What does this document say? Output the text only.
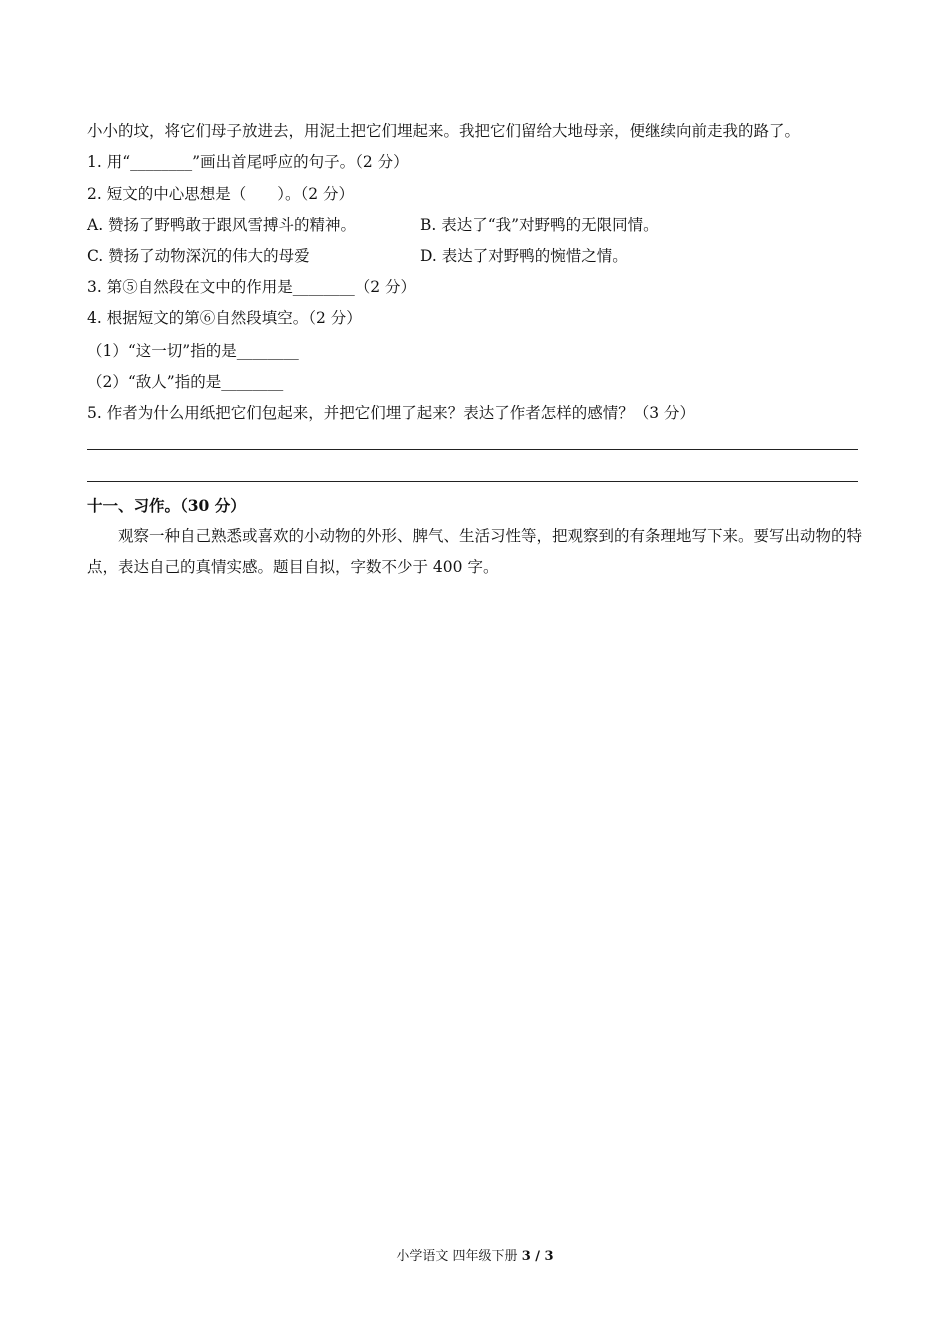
小小的坟，将它们母子放进去，用泥土把它们埋起来。我把它们留给大地母亲，便继续向前走我的路了。
1. 用“________”画出首尾呼应的句子。（2 分）
2. 短文的中心思想是（　　）。（2 分）
A. 赞扬了野鸭敢于跟风雪搏斗的精神。	B. 表达了“我”对野鸭的无限同情。
C. 赞扬了动物深沉的伟大的母爱	D. 表达了对野鸭的惋惜之情。
3. 第⑤自然段在文中的作用是________（2 分）
4. 根据短文的第⑥自然段填空。（2 分）
（1）“这一切”指的是________
（2）“敌人”指的是________
5. 作者为什么用纸把它们包起来，并把它们埋了起来？表达了作者怎样的感情？（3 分）
十一、习作。（30 分）
观察一种自己熟悉或喜欢的小动物的外形、脾气、生活习性等，把观察到的有条理地写下来。要写出动物的特点，表达自己的真情实感。题目自拟，字数不少于 400 字。
小学语文 四年级下册 3 / 3
